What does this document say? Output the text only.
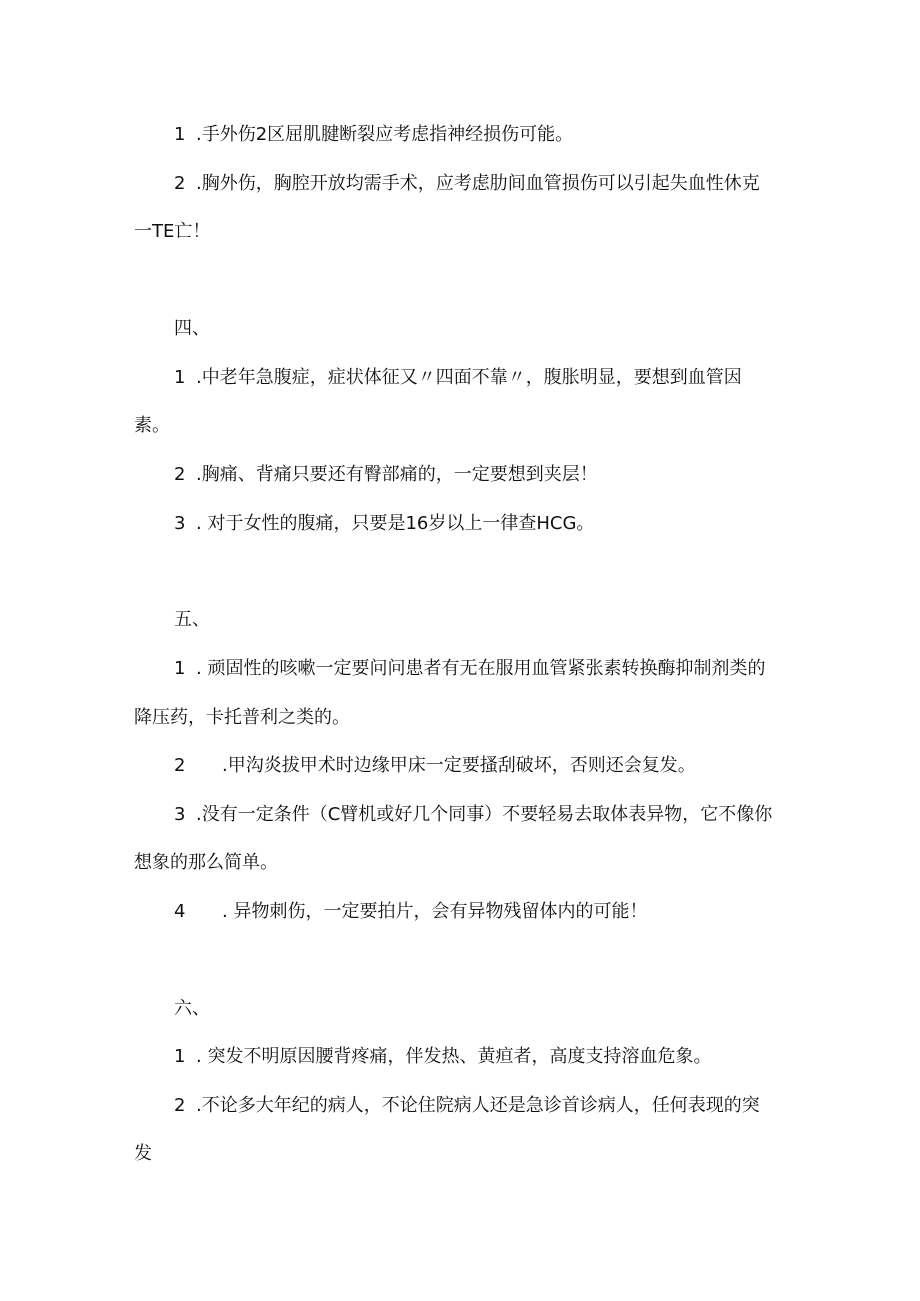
1 .手外伤2区屈肌腱断裂应考虑指神经损伤可能。
2 .胸外伤，胸腔开放均需手术，应考虑肋间血管损伤可以引起失血性休克
一TE亡！
四、
1 .中老年急腹症，症状体征又〃四面不靠〃，腹胀明显，要想到血管因
素。
2 .胸痛、背痛只要还有臀部痛的，一定要想到夹层！
3 . 对于女性的腹痛，只要是16岁以上一律查HCG。
五、
1 . 顽固性的咳嗽一定要问问患者有无在服用血管紧张素转换酶抑制剂类的
降压药，卡托普利之类的。
2 .甲沟炎拔甲术时边缘甲床一定要搔刮破坏，否则还会复发。
3 .没有一定条件（C臂机或好几个同事）不要轻易去取体表异物，它不像你
想象的那么简单。
4 . 异物刺伤，一定要拍片，会有异物残留体内的可能！
六、
1 . 突发不明原因腰背疼痛，伴发热、黄疸者，高度支持溶血危象。
2 .不论多大年纪的病人，不论住院病人还是急诊首诊病人，任何表现的突
发
